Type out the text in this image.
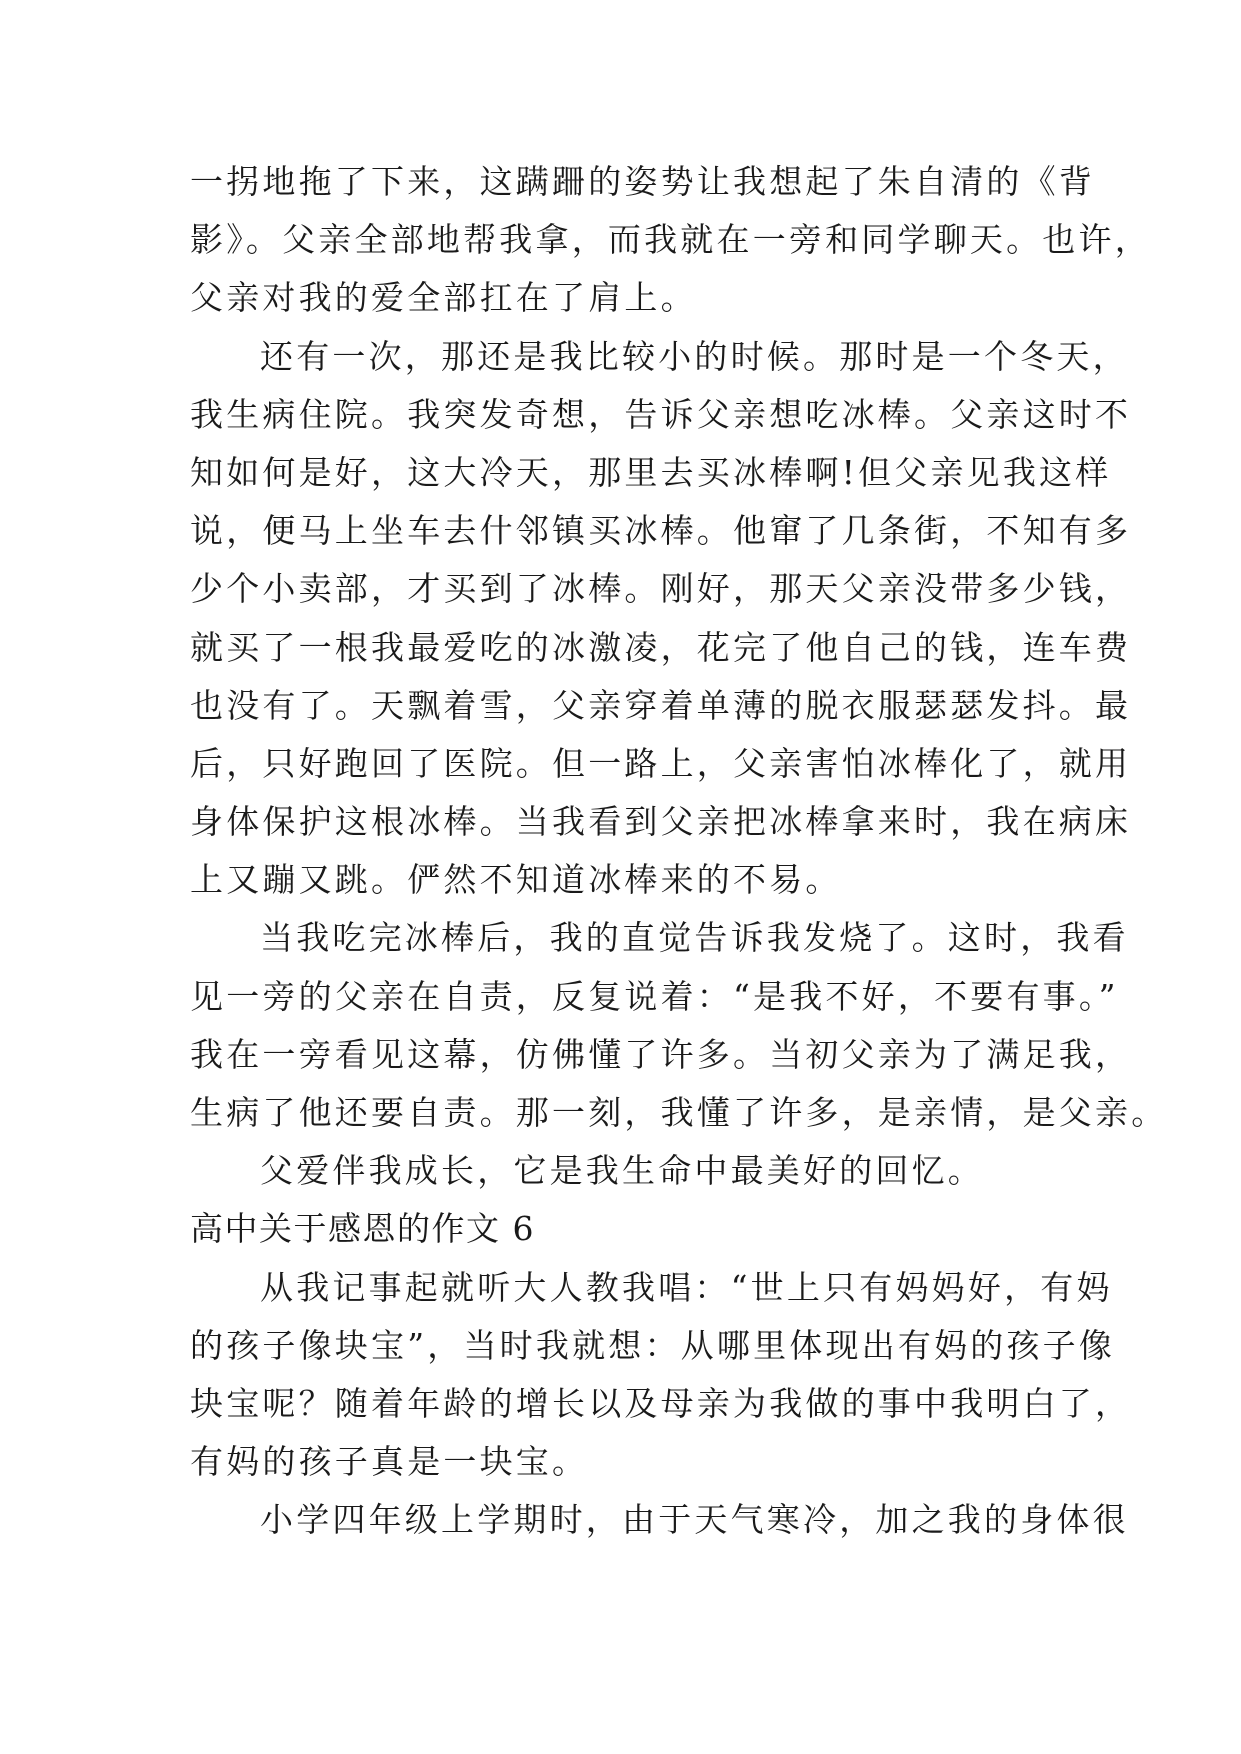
一拐地拖了下来，这蹒跚的姿势让我想起了朱自清的《背
影》。父亲全部地帮我拿，而我就在一旁和同学聊天。也许，
父亲对我的爱全部扛在了肩上。
还有一次，那还是我比较小的时候。那时是一个冬天，
我生病住院。我突发奇想，告诉父亲想吃冰棒。父亲这时不
知如何是好，这大冷天，那里去买冰棒啊!但父亲见我这样
说，便马上坐车去什邻镇买冰棒。他窜了几条街，不知有多
少个小卖部，才买到了冰棒。刚好，那天父亲没带多少钱，
就买了一根我最爱吃的冰激凌，花完了他自己的钱，连车费
也没有了。天飘着雪，父亲穿着单薄的脱衣服瑟瑟发抖。最
后，只好跑回了医院。但一路上，父亲害怕冰棒化了，就用
身体保护这根冰棒。当我看到父亲把冰棒拿来时，我在病床
上又蹦又跳。俨然不知道冰棒来的不易。
当我吃完冰棒后，我的直觉告诉我发烧了。这时，我看
见一旁的父亲在自责，反复说着：“是我不好，不要有事。”
我在一旁看见这幕，仿佛懂了许多。当初父亲为了满足我，
生病了他还要自责。那一刻，我懂了许多，是亲情，是父亲。
父爱伴我成长，它是我生命中最美好的回忆。
高中关于感恩的作文 6
从我记事起就听大人教我唱：“世上只有妈妈好，有妈
的孩子像块宝”，当时我就想：从哪里体现出有妈的孩子像
块宝呢？随着年龄的增长以及母亲为我做的事中我明白了，
有妈的孩子真是一块宝。
小学四年级上学期时，由于天气寒冷，加之我的身体很
